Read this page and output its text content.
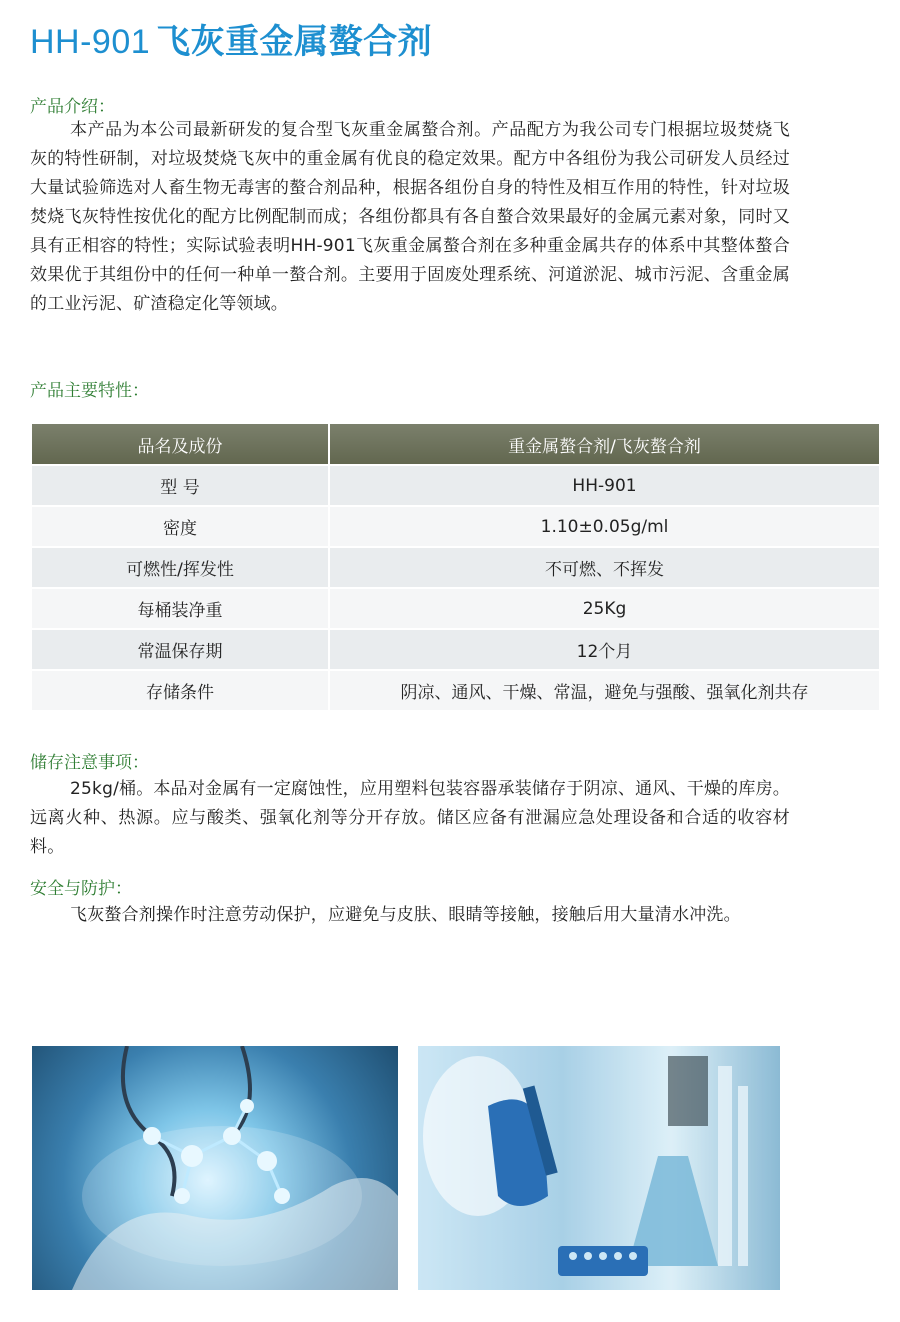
HH-901 飞灰重金属螯合剂
产品介绍：
本产品为本公司最新研发的复合型飞灰重金属螯合剂。产品配方为我公司专门根据垃圾焚烧飞灰的特性研制，对垃圾焚烧飞灰中的重金属有优良的稳定效果。配方中各组份为我公司研发人员经过大量试验筛选对人畜生物无毒害的螯合剂品种，根据各组份自身的特性及相互作用的特性，针对垃圾焚烧飞灰特性按优化的配方比例配制而成；各组份都具有各自螯合效果最好的金属元素对象，同时又具有正相容的特性；实际试验表明HH-901飞灰重金属螯合剂在多种重金属共存的体系中其整体螯合效果优于其组份中的任何一种单一螯合剂。主要用于固废处理系统、河道淤泥、城市污泥、含重金属的工业污泥、矿渣稳定化等领域。
产品主要特性：
品名及成份	重金属螯合剂/飞灰螯合剂
型 号	HH-901
密度	1.10±0.05g/ml
可燃性/挥发性	不可燃、不挥发
每桶装净重	25Kg
常温保存期	12个月
存储条件	阴凉、通风、干燥、常温，避免与强酸、强氧化剂共存
储存注意事项：
25kg/桶。本品对金属有一定腐蚀性，应用塑料包装容器承装储存于阴凉、通风、干燥的库房。远离火种、热源。应与酸类、强氧化剂等分开存放。储区应备有泄漏应急处理设备和合适的收容材料。
安全与防护：
飞灰螯合剂操作时注意劳动保护，应避免与皮肤、眼睛等接触，接触后用大量清水冲洗。
